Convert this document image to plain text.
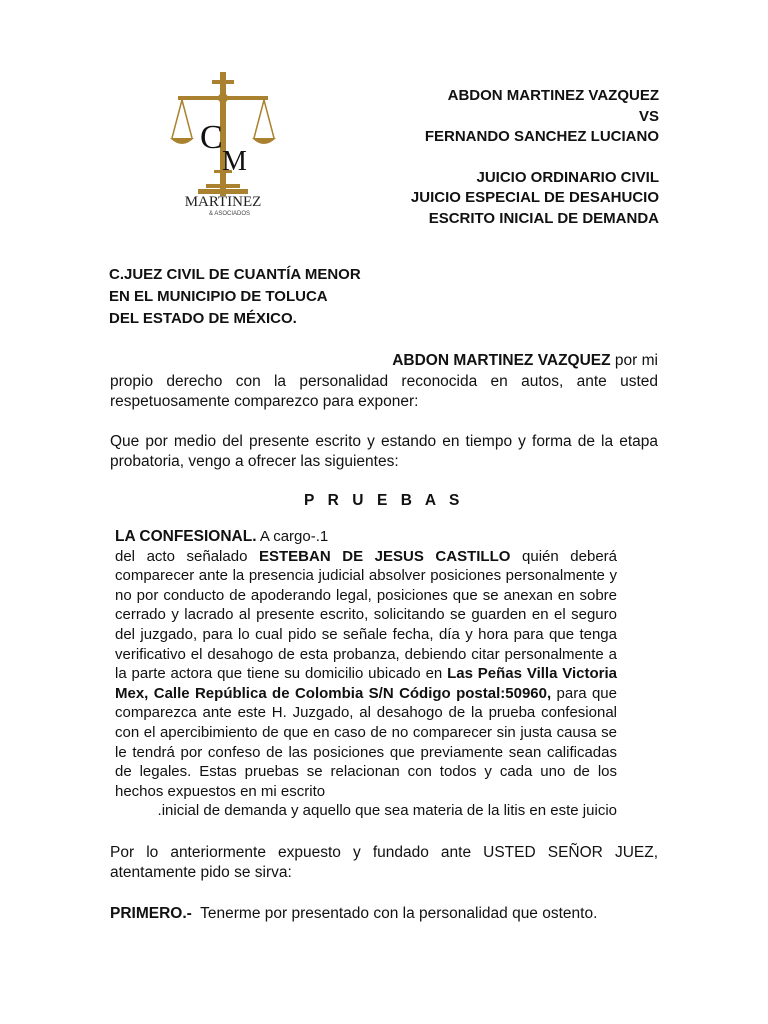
C
M
MARTINEZ
& ASOCIADOS
ABDON MARTINEZ VAZQUEZ
VS
FERNANDO SANCHEZ LUCIANO
JUICIO ORDINARIO CIVIL
JUICIO ESPECIAL DE DESAHUCIO
ESCRITO INICIAL DE DEMANDA
C.JUEZ CIVIL DE CUANTÍA MENOR
EN EL MUNICIPIO DE TOLUCA
DEL ESTADO DE MÉXICO.
ABDON MARTINEZ VAZQUEZ por mi
propio derecho con la personalidad reconocida en autos, ante usted respetuosamente comparezco para exponer:
Que por medio del presente escrito y estando en tiempo y forma de la etapa probatoria, vengo a ofrecer las siguientes:
P R U E B A S
LA CONFESIONAL. A cargo-.1
del acto señalado ESTEBAN DE JESUS CASTILLO quién deberá comparecer ante la presencia judicial absolver posiciones personalmente y no por conducto de apoderando legal, posiciones que se anexan en sobre cerrado y lacrado al presente escrito, solicitando se guarden en el seguro del juzgado, para lo cual pido se señale fecha, día y hora para que tenga verificativo el desahogo de esta probanza, debiendo citar personalmente a la parte actora que tiene su domicilio ubicado en Las Peñas Villa Victoria Mex, Calle República de Colombia S/N Código postal:50960, para que comparezca ante este H. Juzgado, al desahogo de la prueba confesional con el apercibimiento de que en caso de no comparecer sin justa causa se le tendrá por confeso de las posiciones que previamente sean calificadas de legales. Estas pruebas se relacionan con todos y cada uno de los hechos expuestos en mi escrito
.inicial de demanda y aquello que sea materia de la litis en este juicio
Por lo anteriormente expuesto y fundado ante USTED SEÑOR JUEZ, atentamente pido se sirva:
PRIMERO.-  Tenerme por presentado con la personalidad que ostento.
